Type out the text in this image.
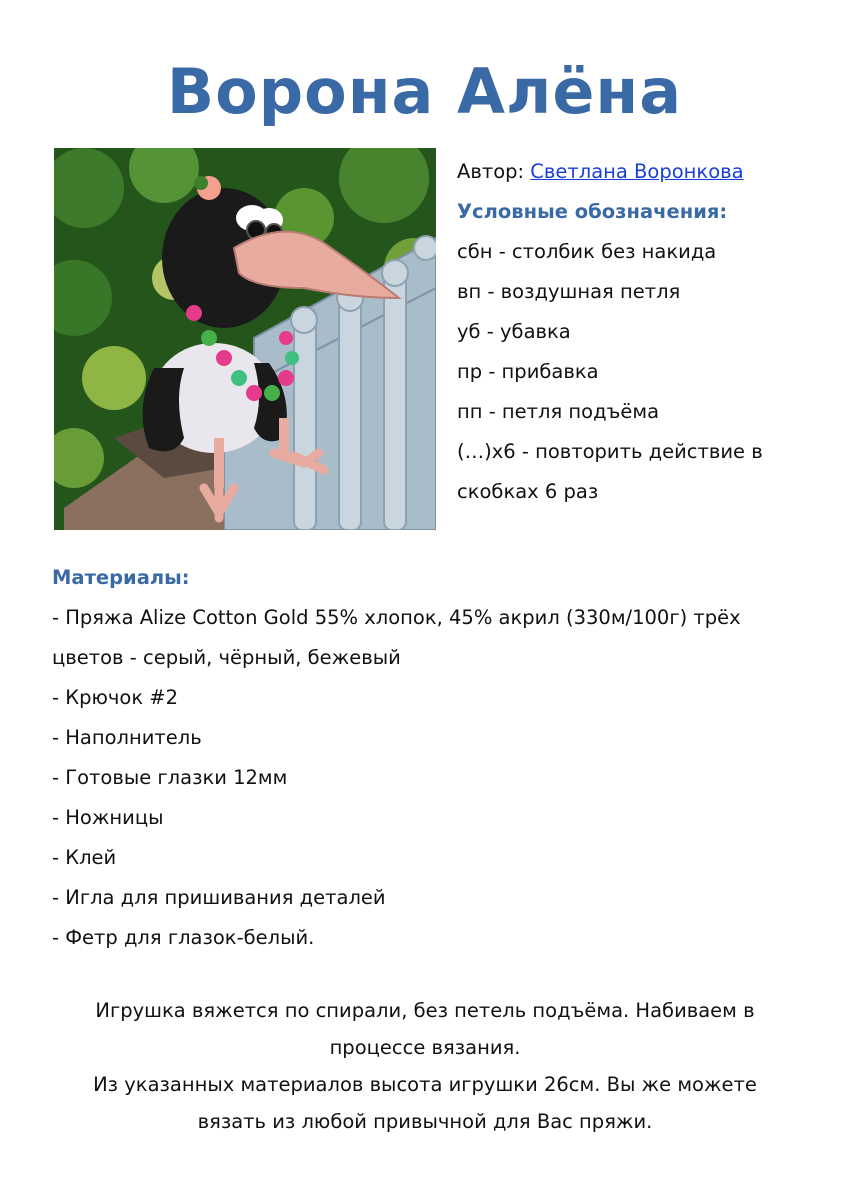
Ворона Алёна
Автор: Светлана Воронкова
Условные обозначения:
сбн - столбик без накида
вп - воздушная петля
уб - убавка
пр - прибавка
пп - петля подъёма
(…)х6 - повторить действие в
скобках 6 раз
Материалы:
- Пряжа Alize Cotton Gold 55% хлопок, 45% акрил (330м/100г) трёх
цветов - серый, чёрный, бежевый
- Крючок #2
- Наполнитель
- Готовые глазки 12мм
- Ножницы
- Клей
- Игла для пришивания деталей
- Фетр для глазок-белый.
Игрушка вяжется по спирали, без петель подъёма. Набиваем в
процессе вязания.
Из указанных материалов высота игрушки 26см. Вы же можете
вязать из любой привычной для Вас пряжи.
